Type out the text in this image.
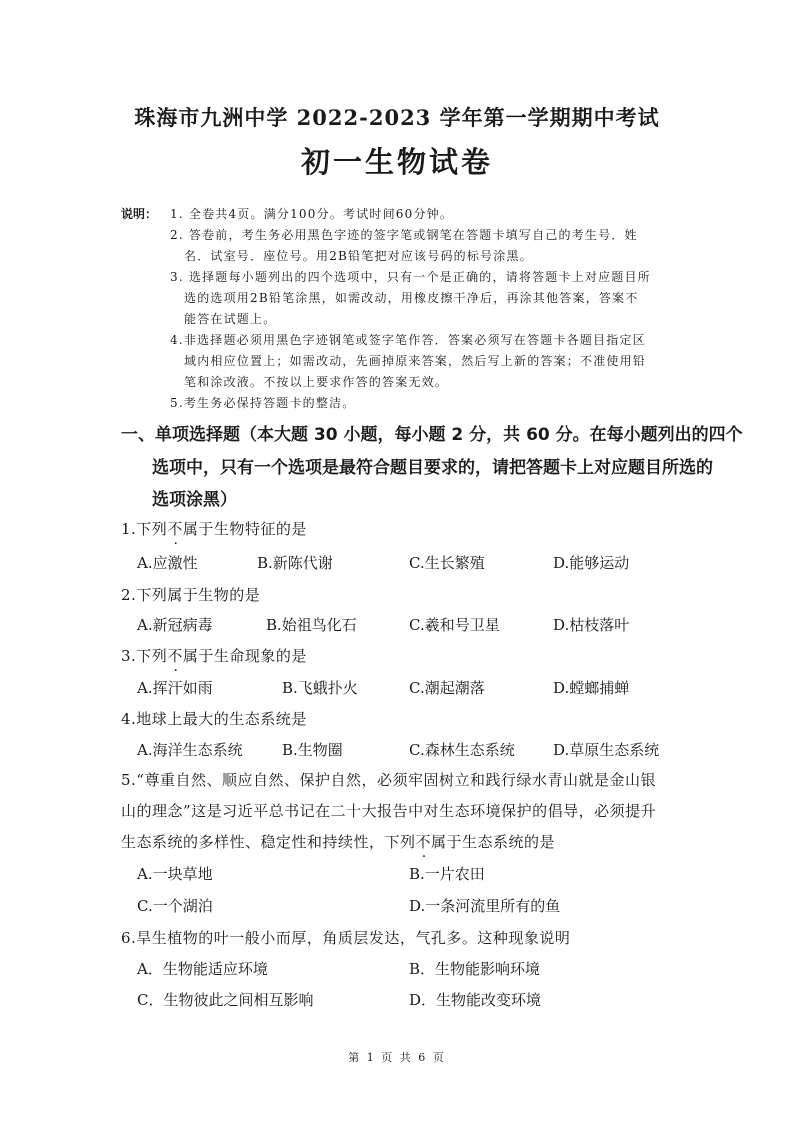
珠海市九洲中学 2022-2023 学年第一学期期中考试
初一生物试卷
说明： 1. 全卷共4页。满分100分。考试时间60分钟。
2. 答卷前，考生务必用黑色字迹的签字笔或钢笔在答题卡填写自己的考生号．姓
名．试室号．座位号。用2B铅笔把对应该号码的标号涂黑。
3. 选择题每小题列出的四个选项中，只有一个是正确的，请将答题卡上对应题目所
选的选项用2B铅笔涂黑，如需改动，用橡皮擦干净后，再涂其他答案，答案不
能答在试题上。
4.非选择题必须用黑色字迹钢笔或签字笔作答．答案必须写在答题卡各题目指定区
域内相应位置上；如需改动，先画掉原来答案，然后写上新的答案；不准使用铅
笔和涂改液。不按以上要求作答的答案无效。
5.考生务必保持答题卡的整洁。
一、单项选择题（本大题 30 小题，每小题 2 分，共 60 分。在每小题列出的四个
选项中，只有一个选项是最符合题目要求的，请把答题卡上对应题目所选的
选项涂黑）
1.下列不属于生物特征的是
A.应激性	B.新陈代谢	C.生长繁殖	D.能够运动
2.下列属于生物的是
A.新冠病毒	B.始祖鸟化石	C.羲和号卫星	D.枯枝落叶
3.下列不属于生命现象的是
A.挥汗如雨	B.飞蛾扑火	C.潮起潮落	D.螳螂捕蝉
4.地球上最大的生态系统是
A.海洋生态系统	B.生物圈	C.森林生态系统	D.草原生态系统
5.“尊重自然、顺应自然、保护自然，必须牢固树立和践行绿水青山就是金山银
山的理念”这是习近平总书记在二十大报告中对生态环境保护的倡导，必须提升
生态系统的多样性、稳定性和持续性，下列不属于生态系统的是
A.一块草地	B.一片农田
C.一个湖泊	D.一条河流里所有的鱼
6.旱生植物的叶一般小而厚，角质层发达，气孔多。这种现象说明
A．生物能适应环境	B．生物能影响环境
C．生物彼此之间相互影响	D．生物能改变环境
第 1 页 共 6 页
